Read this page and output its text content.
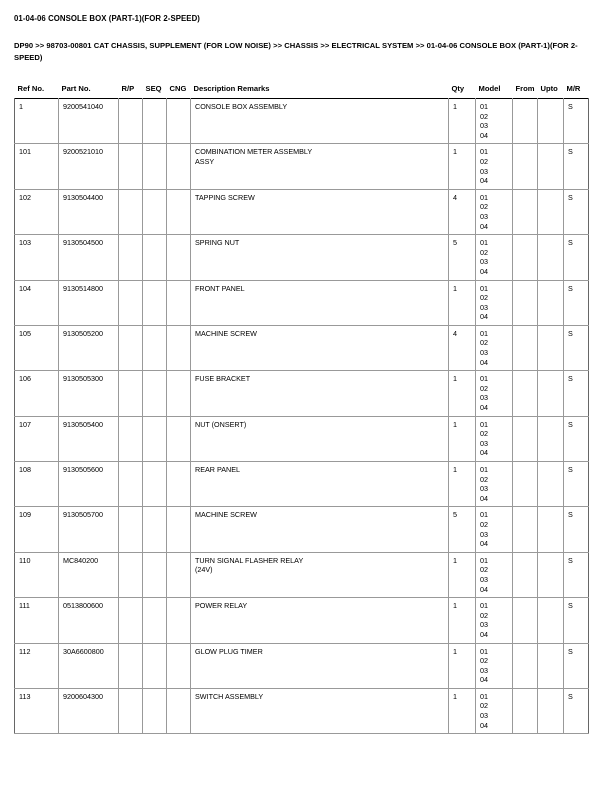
01-04-06 CONSOLE BOX (PART-1)(FOR 2-SPEED)
DP90 >> 98703-00801 CAT CHASSIS, SUPPLEMENT (FOR LOW NOISE) >> CHASSIS >> ELECTRICAL SYSTEM >> 01-04-06 CONSOLE BOX (PART-1)(FOR 2-SPEED)
Ref No.	Part No.	R/P	SEQ	CNG	Description Remarks	Qty	Model	From	Upto	M/R
1	9200541040				CONSOLE BOX ASSEMBLY	1	01
02
03
04			S
101	9200521010				COMBINATION METER ASSEMBLY
ASSY	1	01
02
03
04			S
102	9130504400				TAPPING SCREW	4	01
02
03
04			S
103	9130504500				SPRING NUT	5	01
02
03
04			S
104	9130514800				FRONT PANEL	1	01
02
03
04			S
105	9130505200				MACHINE SCREW	4	01
02
03
04			S
106	9130505300				FUSE BRACKET	1	01
02
03
04			S
107	9130505400				NUT (ONSERT)	1	01
02
03
04			S
108	9130505600				REAR PANEL	1	01
02
03
04			S
109	9130505700				MACHINE SCREW	5	01
02
03
04			S
110	MC840200				TURN SIGNAL FLASHER RELAY
(24V)	1	01
02
03
04			S
111	0513800600				POWER RELAY	1	01
02
03
04			S
112	30A6600800				GLOW PLUG TIMER	1	01
02
03
04			S
113	9200604300				SWITCH ASSEMBLY	1	01
02
03
04			S
